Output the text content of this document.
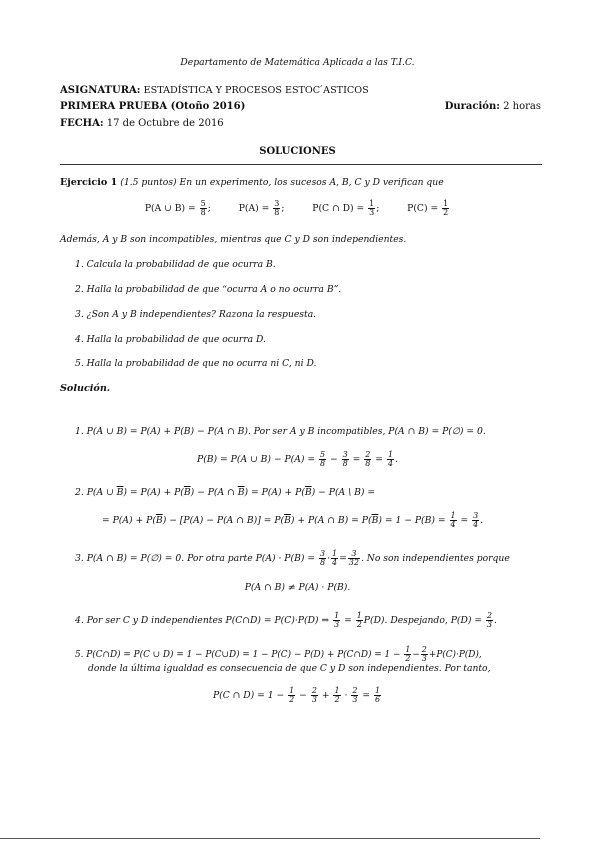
Departamento de Matemática Aplicada a las T.I.C.
ASIGNATURA: ESTADÍSTICA Y PROCESOS ESTOC ́ASTICOS
PRIMERA PRUEBA (Otoño 2016)	Duración: 2 horas
FECHA: 17 de Octubre de 2016
SOLUCIONES
Ejercicio 1 (1.5 puntos) En un experimento, los sucesos A, B, C y D verifican que
P(A ∪ $B) = \frac{5}{8}$ ;	$P(A) = \frac{3}{8}$ ;	P(C ∩ $D) = \frac{1}{3}$ ;	$P(C) = \frac{1}{2}$
Además, A y B son incompatibles, mientras que C y D son independientes.
1. Calcula la probabilidad de que ocurra B.
2. Halla la probabilidad de que “ocurra A o no ocurra B”.
3. ¿Son A y B independientes? Razona la respuesta.
4. Halla la probabilidad de que ocurra D.
5. Halla la probabilidad de que no ocurra ni C, ni D.
Solución.
1. P(A ∪ B) = P(A) + P(B) − P(A ∩ B). Por ser A y B incompatibles, P(A ∩ B) = P(∅) = 0.
P(B) = P(A ∪ $B) - P(A) = \frac{5}{8} - \frac{3}{8} = \frac{2}{8} = \frac{1}{4}$ .
2. P(A ∪ $\overline{B}) = P(A) + P(\overline{B}) - P(A$ ∩ $\overline{B}) = P(A) + P(\overline{B}) - P(A$ \ B) =
= $P(A) + P(\overline{B}) - [P(A) - P(A$ ∩ $B)] = P(\overline{B}) + P(A$ ∩ $B) = P(\overline{B}) = 1 - P(B) = \frac{1}{4} = \frac{3}{4}$ .
3. P(A ∩ B) = P(∅) = 0. Por otra parte $P(A) \cdot P(B) = \frac{3}{8} \cdot \frac{1}{4} = \frac{3}{32}$ . No son independientes porque
P(A ∩ B) ≠ P(A) · P(B).
4. Por ser C y D independientes P(C∩D) = P(C)·P(D) ⇒ $\frac{1}{3} = \frac{1}{2} P(D)$. Despejando, $P(D) = \frac{2}{3}$ .
5. P(C∩D) = P(C ∪ D) = 1 − P(C∪D) = 1 − P(C) − P(D) + P(C∩D) = $1 - \frac{1}{2} - \frac{2}{3} +P(C)\cdot P(D)$,
donde la última igualdad es consecuencia de que C y D son independientes. Por tanto,
P(C ∩ $D) = 1 - \frac{1}{2} - \frac{2}{3} + \frac{1}{2} \cdot \frac{2}{3} = \frac{1}{6}$
